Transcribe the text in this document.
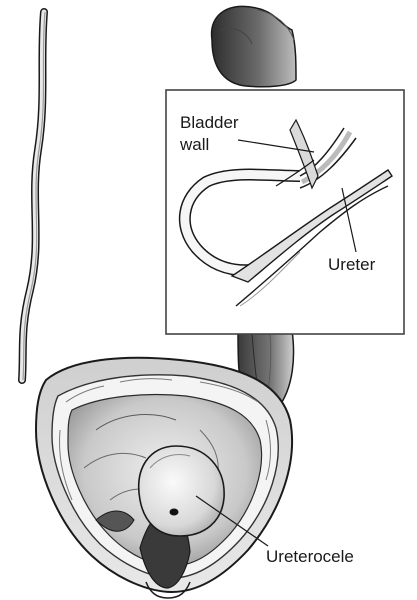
Bladder
wall
Ureter
Ureterocele
